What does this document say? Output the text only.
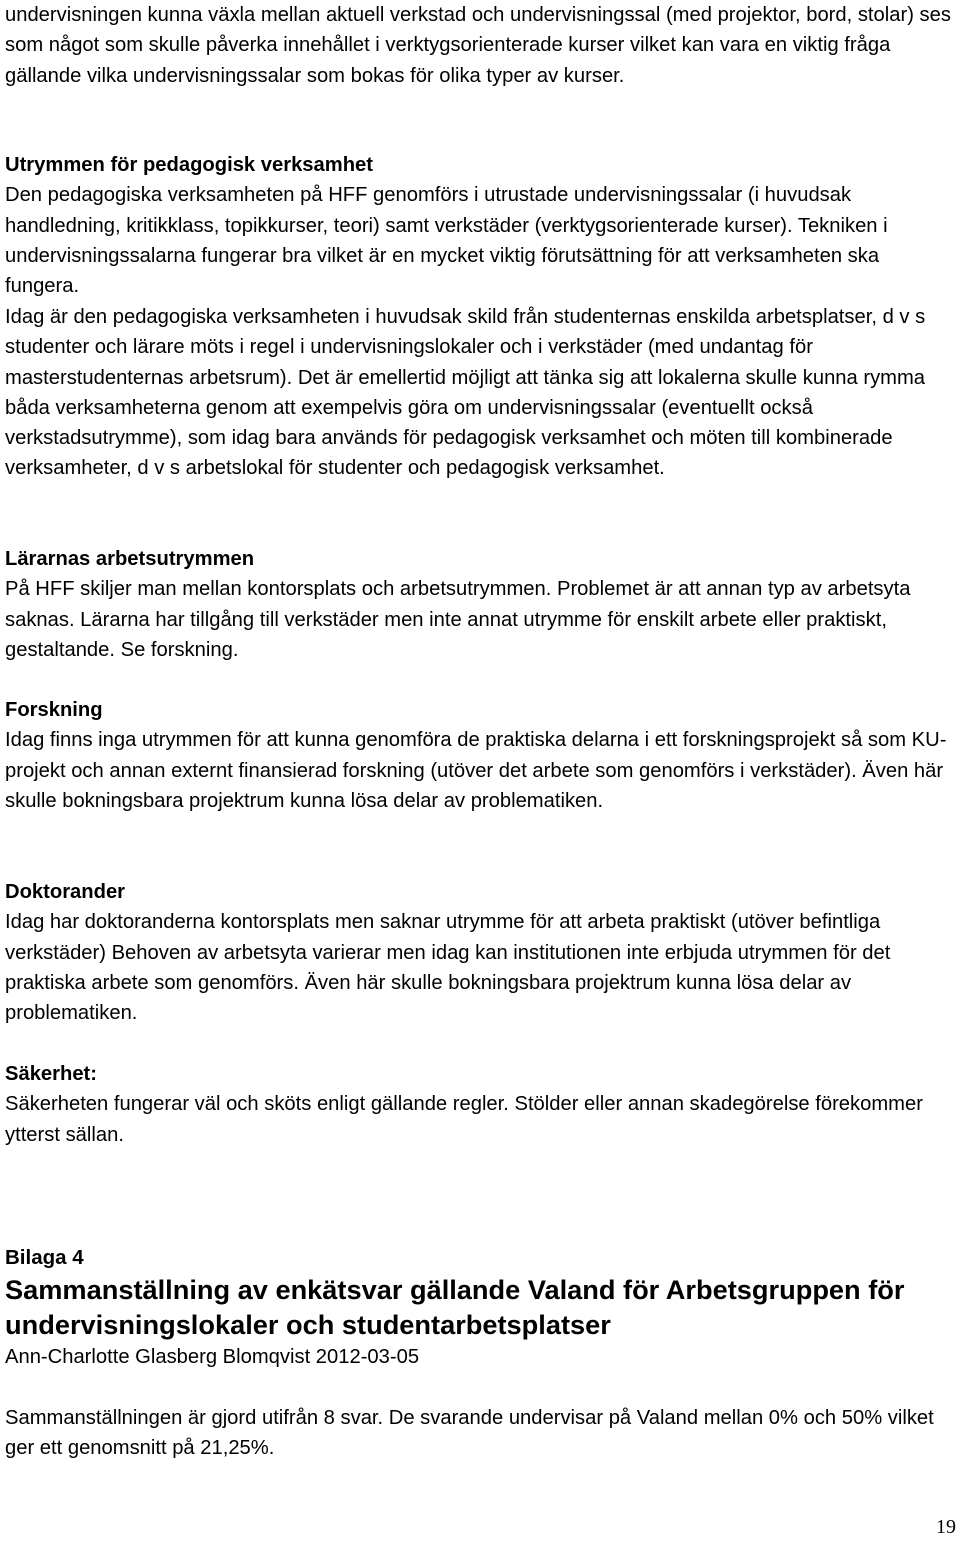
undervisningen kunna växla mellan aktuell verkstad och undervisningssal (med projektor, bord, stolar) ses som något som skulle påverka innehållet i verktygsorienterade kurser vilket kan vara en viktig fråga gällande vilka undervisningssalar som bokas för olika typer av kurser.

Utrymmen för pedagogisk verksamhet

Den pedagogiska verksamheten på HFF genomförs i utrustade undervisningssalar (i huvudsak handledning, kritikklass, topikkurser, teori) samt verkstäder (verktygsorienterade kurser). Tekniken i undervisningssalarna fungerar bra vilket är en mycket viktig förutsättning för att verksamheten ska fungera.

Idag är den pedagogiska verksamheten i huvudsak skild från studenternas enskilda arbetsplatser, d v s studenter och lärare möts i regel i undervisningslokaler och i verkstäder (med undantag för masterstudenternas arbetsrum). Det är emellertid möjligt att tänka sig att lokalerna skulle kunna rymma båda verksamheterna genom att exempelvis göra om undervisningssalar (eventuellt också verkstadsutrymme), som idag bara används för pedagogisk verksamhet och möten till kombinerade verksamheter, d v s arbetslokal för studenter och pedagogisk verksamhet.

Lärarnas arbetsutrymmen

På HFF skiljer man mellan kontorsplats och arbetsutrymmen. Problemet är att annan typ av arbetsyta saknas. Lärarna har tillgång till verkstäder men inte annat utrymme för enskilt arbete eller praktiskt, gestaltande. Se forskning.

Forskning

Idag finns inga utrymmen för att kunna genomföra de praktiska delarna i ett forskningsprojekt så som KU-projekt och annan externt finansierad forskning (utöver det arbete som genomförs i verkstäder). Även här skulle bokningsbara projektrum kunna lösa delar av problematiken.

Doktorander

Idag har doktoranderna kontorsplats men saknar utrymme för att arbeta praktiskt (utöver befintliga verkstäder) Behoven av arbetsyta varierar men idag kan institutionen inte erbjuda utrymmen för det praktiska arbete som genomförs. Även här skulle bokningsbara projektrum kunna lösa delar av problematiken.

Säkerhet:

Säkerheten fungerar väl och sköts enligt gällande regler. Stölder eller annan skadegörelse förekommer ytterst sällan.

Bilaga 4
Sammanställning av enkätsvar gällande Valand för Arbetsgruppen för undervisningslokaler och studentarbetsplatser

Ann-Charlotte Glasberg Blomqvist 2012-03-05

Sammanställningen är gjord utifrån 8 svar. De svarande undervisar på Valand mellan 0% och 50% vilket ger ett genomsnitt på 21,25%.

19
